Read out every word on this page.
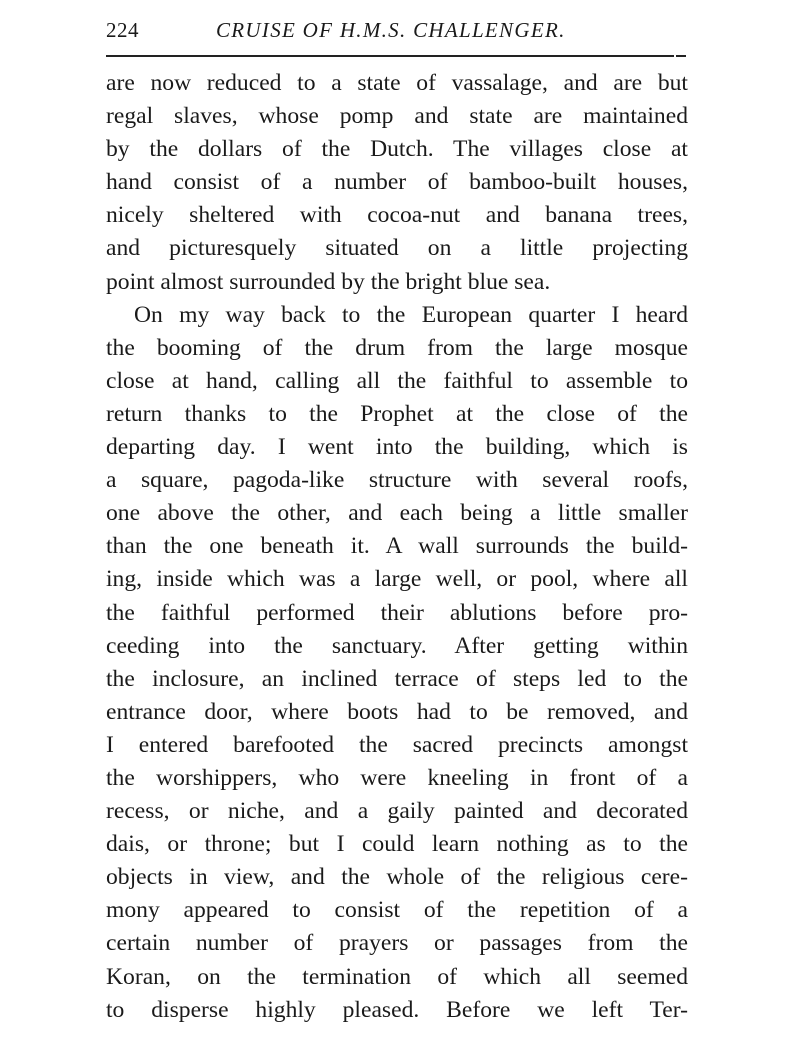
224	CRUISE OF H.M.S. CHALLENGER.
are now reduced to a state of vassalage, and are but
regal slaves, whose pomp and state are maintained
by the dollars of the Dutch. The villages close at
hand consist of a number of bamboo-built houses,
nicely sheltered with cocoa-nut and banana trees,
and picturesquely situated on a little projecting
point almost surrounded by the bright blue sea.
On my way back to the European quarter I heard
the booming of the drum from the large mosque
close at hand, calling all the faithful to assemble to
return thanks to the Prophet at the close of the
departing day. I went into the building, which is
a square, pagoda-like structure with several roofs,
one above the other, and each being a little smaller
than the one beneath it. A wall surrounds the build-
ing, inside which was a large well, or pool, where all
the faithful performed their ablutions before pro-
ceeding into the sanctuary. After getting within
the inclosure, an inclined terrace of steps led to the
entrance door, where boots had to be removed, and
I entered barefooted the sacred precincts amongst
the worshippers, who were kneeling in front of a
recess, or niche, and a gaily painted and decorated
dais, or throne; but I could learn nothing as to the
objects in view, and the whole of the religious cere-
mony appeared to consist of the repetition of a
certain number of prayers or passages from the
Koran, on the termination of which all seemed
to disperse highly pleased. Before we left Ter-
